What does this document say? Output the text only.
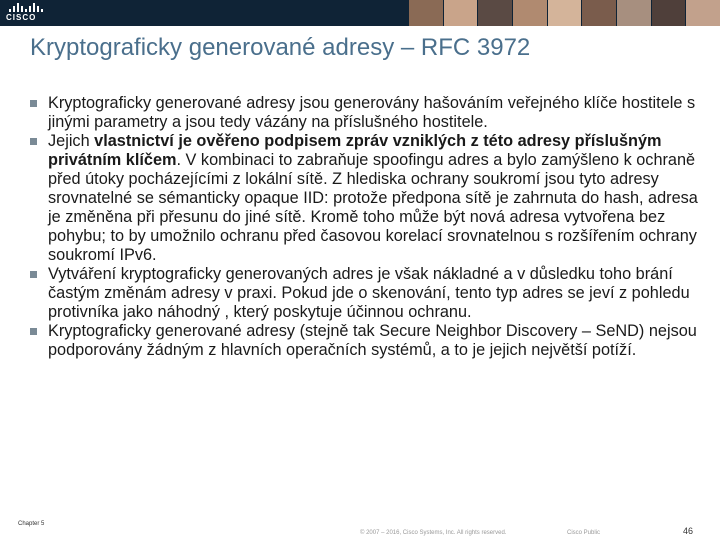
CISCO
Kryptograficky generované adresy – RFC 3972
Kryptograficky generované adresy jsou generovány hašováním veřejného klíče hostitele s jinými parametry a jsou tedy vázány na příslušného hostitele.
Jejich vlastnictví je ověřeno podpisem zpráv vzniklých z této adresy příslušným privátním klíčem. V kombinaci to zabraňuje spoofingu adres a bylo zamýšleno k ochraně před útoky pocházejícími z lokální sítě. Z hlediska ochrany soukromí jsou tyto adresy srovnatelné se sémanticky opaque IID: protože předpona sítě je zahrnuta do hash, adresa je změněna při přesunu do jiné sítě. Kromě toho může být nová adresa vytvořena bez pohybu; to by umožnilo ochranu před časovou korelací srovnatelnou s rozšířením ochrany soukromí IPv6.
Vytváření kryptograficky generovaných adres je však nákladné a v důsledku toho brání častým změnám adresy v praxi. Pokud jde o skenování, tento typ adres se jeví z pohledu protivníka jako náhodný , který poskytuje účinnou ochranu.
Kryptograficky generované adresy (stejně tak Secure Neighbor Discovery – SeND) nejsou podporovány žádným z hlavních operačních systémů, a to je jejich největší potíží.
Chapter 5
© 2007 – 2016, Cisco Systems, Inc. All rights reserved.	Cisco Public	46
